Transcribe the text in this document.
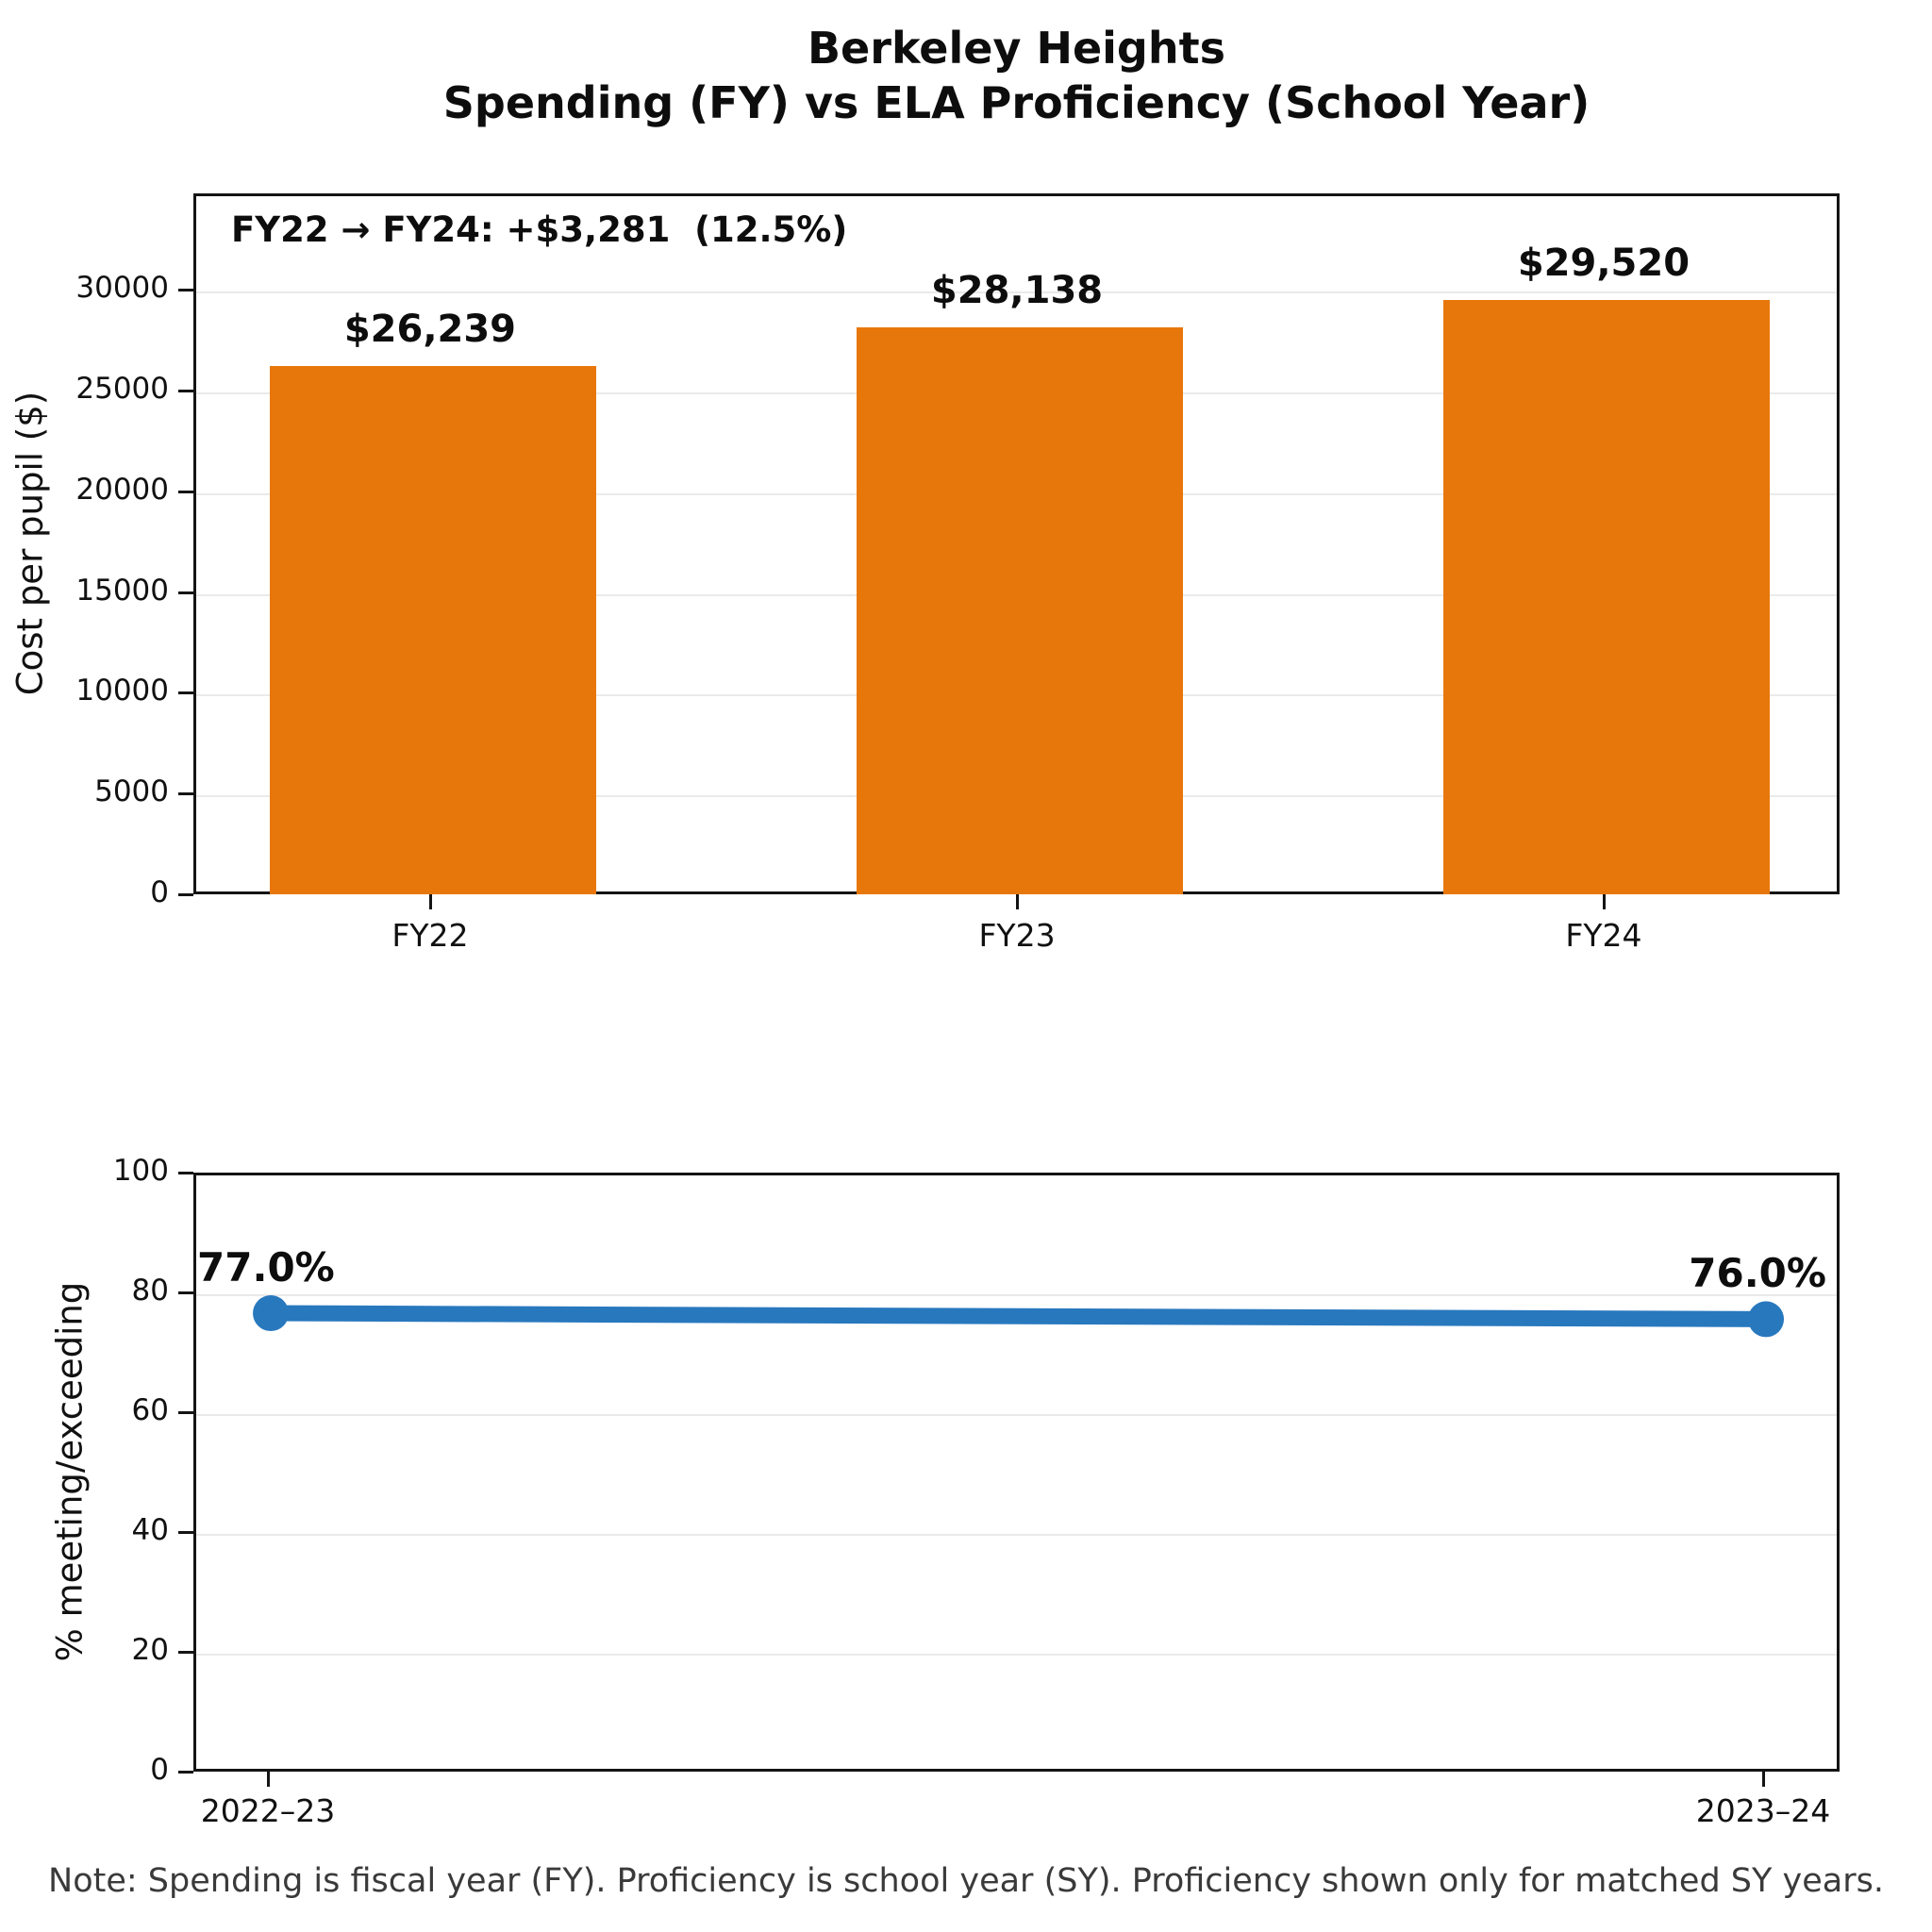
Berkeley Heights
Spending (FY) vs ELA Proficiency (School Year)
FY22 → FY24: +$3,281  (12.5%)
Cost per pupil ($)
% meeting/exceeding
Note: Spending is fiscal year (FY). Proficiency is school year (SY). Proficiency shown only for matched SY years.
0
5000
10000
15000
20000
25000
30000
$26,239
FY22
$28,138
FY23
$29,520
FY24
0
20
40
60
80
100
77.0%	76.0%
2022–23	2023–24
